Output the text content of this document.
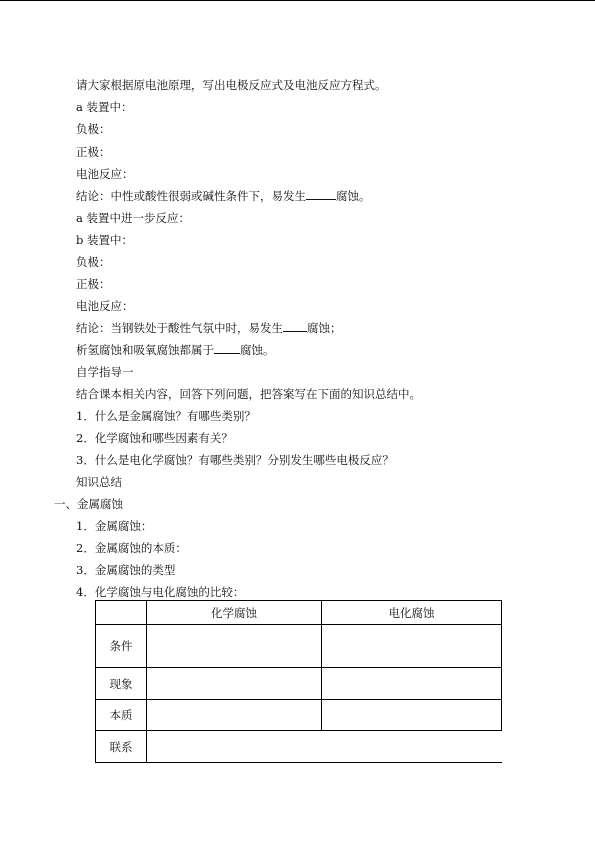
请大家根据原电池原理，写出电极反应式及电池反应方程式。
a 装置中：
负极：
正极：
电池反应：
结论：中性或酸性很弱或碱性条件下，易发生	腐蚀。
a 装置中进一步反应：
b 装置中：
负极：
正极：
电池反应：
结论：当钢铁处于酸性气氛中时，易发生 腐蚀；
析氢腐蚀和吸氧腐蚀都属于 腐蚀。
自学指导一
结合课本相关内容，回答下列问题，把答案写在下面的知识总结中。
1．什么是金属腐蚀？有哪些类别？
2．化学腐蚀和哪些因素有关？
3．什么是电化学腐蚀？有哪些类别？分别发生哪些电极反应？
知识总结
一、金属腐蚀
1．金属腐蚀：
2．金属腐蚀的本质：
3．金属腐蚀的类型
4．化学腐蚀与电化腐蚀的比较：
	化学腐蚀	电化腐蚀
条件		
现象		
本质		
联系		
